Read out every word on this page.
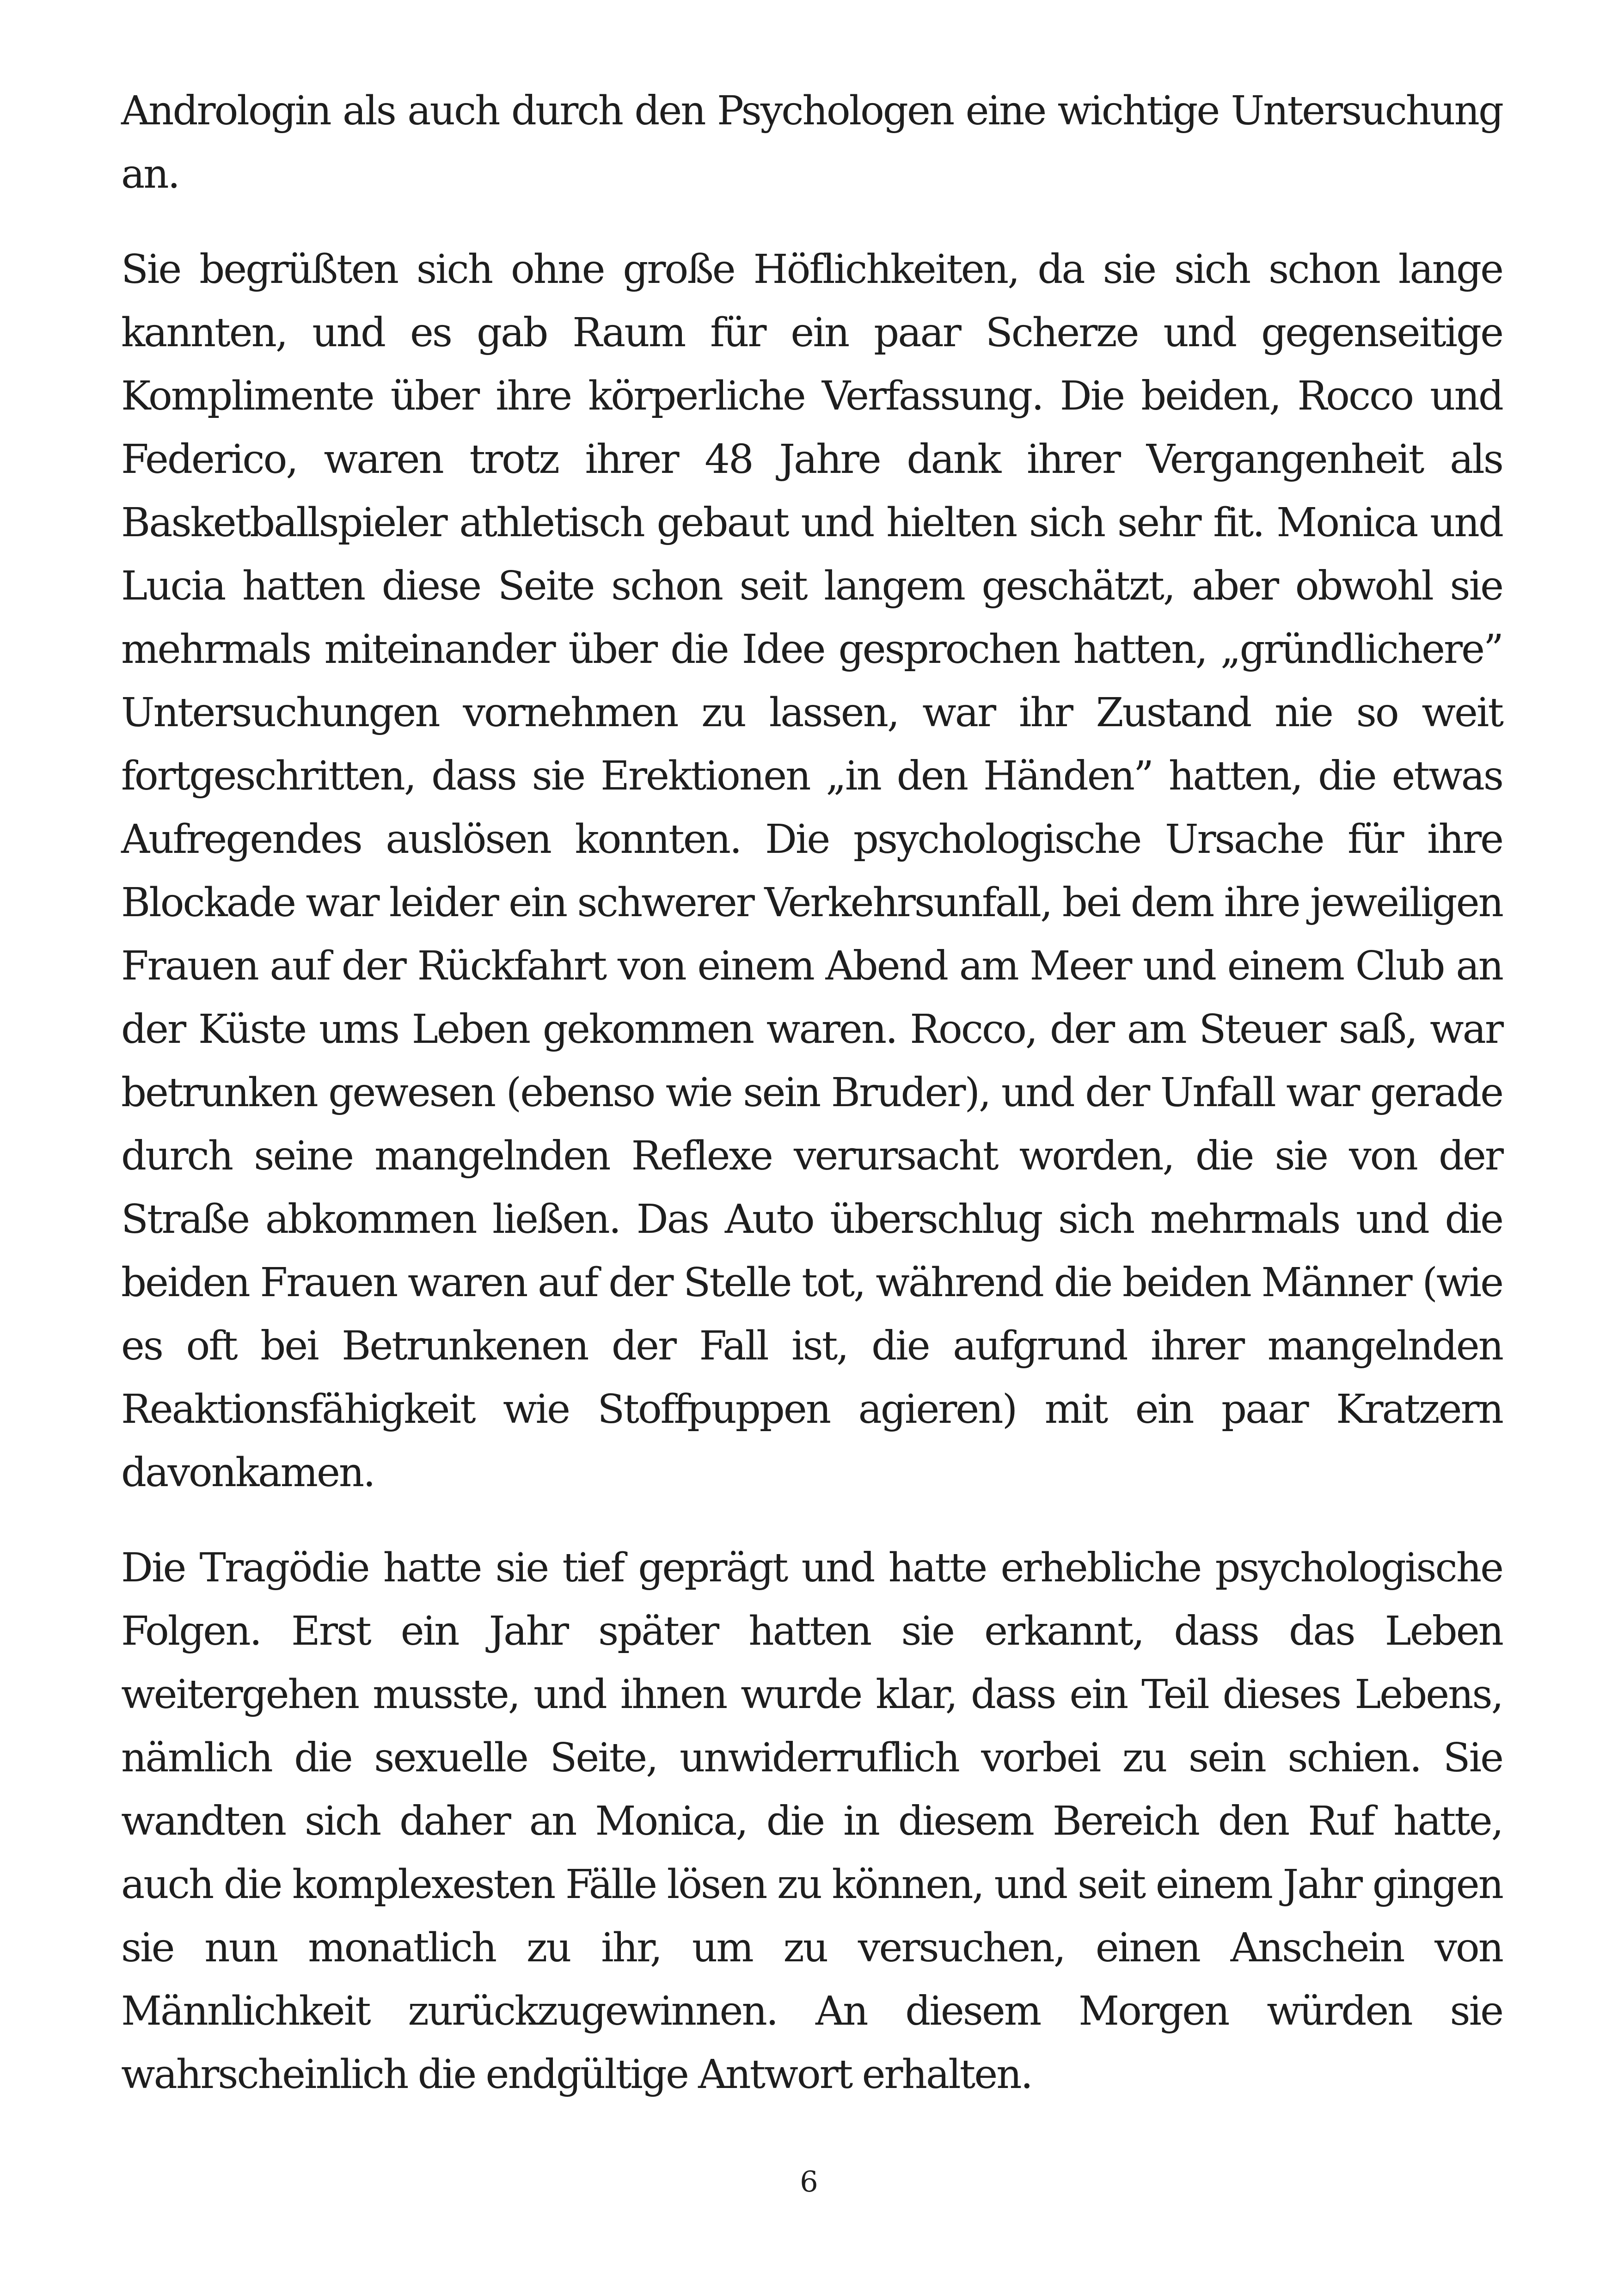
Andrologin als auch durch den Psychologen eine wichtige Untersuchung an.

Sie begrüßten sich ohne große Höflichkeiten, da sie sich schon lange kannten, und es gab Raum für ein paar Scherze und gegenseitige Komplimente über ihre körperliche Verfassung. Die beiden, Rocco und Federico, waren trotz ihrer 48 Jahre dank ihrer Vergangenheit als Basketballspieler athletisch gebaut und hielten sich sehr fit. Monica und Lucia hatten diese Seite schon seit langem geschätzt, aber obwohl sie mehrmals miteinander über die Idee gesprochen hatten, „gründlichere” Untersuchungen vornehmen zu lassen, war ihr Zustand nie so weit fortgeschritten, dass sie Erektionen „in den Händen” hatten, die etwas Aufregendes auslösen konnten. Die psychologische Ursache für ihre Blockade war leider ein schwerer Verkehrsunfall, bei dem ihre jeweiligen Frauen auf der Rückfahrt von einem Abend am Meer und einem Club an der Küste ums Leben gekommen waren. Rocco, der am Steuer saß, war betrunken gewesen (ebenso wie sein Bruder), und der Unfall war gerade durch seine mangelnden Reflexe verursacht worden, die sie von der Straße abkommen ließen. Das Auto überschlug sich mehrmals und die beiden Frauen waren auf der Stelle tot, während die beiden Männer (wie es oft bei Betrunkenen der Fall ist, die aufgrund ihrer mangelnden Reaktionsfähigkeit wie Stoffpuppen agieren) mit ein paar Kratzern davonkamen.

Die Tragödie hatte sie tief geprägt und hatte erhebliche psychologische Folgen. Erst ein Jahr später hatten sie erkannt, dass das Leben weitergehen musste, und ihnen wurde klar, dass ein Teil dieses Lebens, nämlich die sexuelle Seite, unwiderruflich vorbei zu sein schien. Sie wandten sich daher an Monica, die in diesem Bereich den Ruf hatte, auch die komplexesten Fälle lösen zu können, und seit einem Jahr gingen sie nun monatlich zu ihr, um zu versuchen, einen Anschein von Männlichkeit zurückzugewinnen. An diesem Morgen würden sie wahrscheinlich die endgültige Antwort erhalten.

6
